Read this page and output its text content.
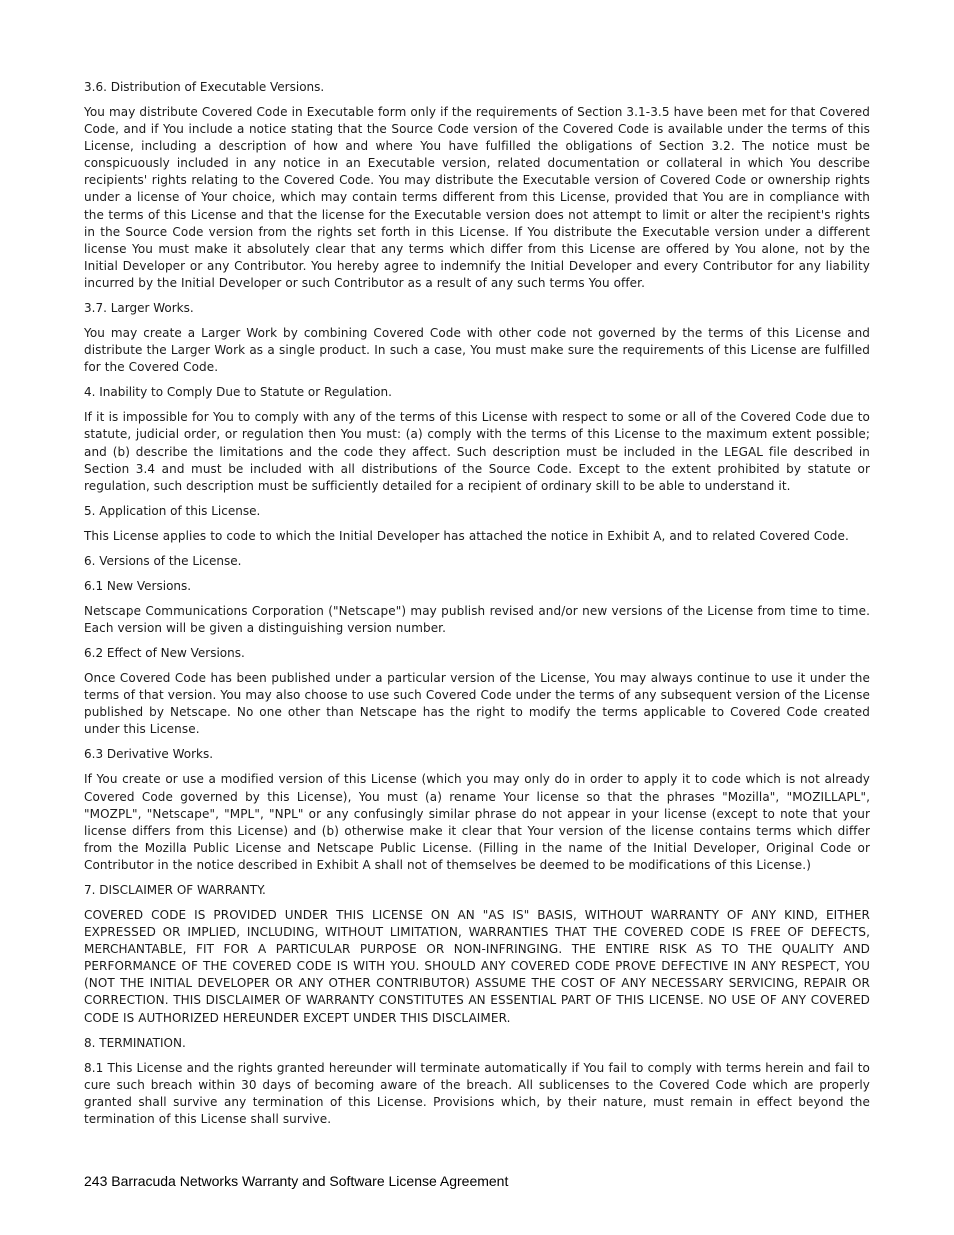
3.6. Distribution of Executable Versions.

You may distribute Covered Code in Executable form only if the requirements of Section 3.1-3.5 have been met for that Covered Code, and if You include a notice stating that the Source Code version of the Covered Code is available under the terms of this License, including a description of how and where You have fulfilled the obligations of Section 3.2. The notice must be conspicuously included in any notice in an Executable version, related documentation or collateral in which You describe recipients' rights relating to the Covered Code. You may distribute the Executable version of Covered Code or ownership rights under a license of Your choice, which may contain terms different from this License, provided that You are in compliance with the terms of this License and that the license for the Executable version does not attempt to limit or alter the recipient's rights in the Source Code version from the rights set forth in this License. If You distribute the Executable version under a different license You must make it absolutely clear that any terms which differ from this License are offered by You alone, not by the Initial Developer or any Contributor. You hereby agree to indemnify the Initial Developer and every Contributor for any liability incurred by the Initial Developer or such Contributor as a result of any such terms You offer.

3.7. Larger Works.

You may create a Larger Work by combining Covered Code with other code not governed by the terms of this License and distribute the Larger Work as a single product. In such a case, You must make sure the requirements of this License are fulfilled for the Covered Code.

4. Inability to Comply Due to Statute or Regulation.

If it is impossible for You to comply with any of the terms of this License with respect to some or all of the Covered Code due to statute, judicial order, or regulation then You must: (a) comply with the terms of this License to the maximum extent possible; and (b) describe the limitations and the code they affect. Such description must be included in the LEGAL file described in Section 3.4 and must be included with all distributions of the Source Code. Except to the extent prohibited by statute or regulation, such description must be sufficiently detailed for a recipient of ordinary skill to be able to understand it.

5. Application of this License.

This License applies to code to which the Initial Developer has attached the notice in Exhibit A, and to related Covered Code.

6. Versions of the License.

6.1 New Versions.

Netscape Communications Corporation ("Netscape") may publish revised and/or new versions of the License from time to time. Each version will be given a distinguishing version number.

6.2 Effect of New Versions.

Once Covered Code has been published under a particular version of the License, You may always continue to use it under the terms of that version. You may also choose to use such Covered Code under the terms of any subsequent version of the License published by Netscape. No one other than Netscape has the right to modify the terms applicable to Covered Code created under this License.

6.3 Derivative Works.

If You create or use a modified version of this License (which you may only do in order to apply it to code which is not already Covered Code governed by this License), You must (a) rename Your license so that the phrases "Mozilla", "MOZILLAPL", "MOZPL", "Netscape", "MPL", "NPL" or any confusingly similar phrase do not appear in your license (except to note that your license differs from this License) and (b) otherwise make it clear that Your version of the license contains terms which differ from the Mozilla Public License and Netscape Public License. (Filling in the name of the Initial Developer, Original Code or Contributor in the notice described in Exhibit A shall not of themselves be deemed to be modifications of this License.)

7. DISCLAIMER OF WARRANTY.

COVERED CODE IS PROVIDED UNDER THIS LICENSE ON AN "AS IS" BASIS, WITHOUT WARRANTY OF ANY KIND, EITHER EXPRESSED OR IMPLIED, INCLUDING, WITHOUT LIMITATION, WARRANTIES THAT THE COVERED CODE IS FREE OF DEFECTS, MERCHANTABLE, FIT FOR A PARTICULAR PURPOSE OR NON-INFRINGING. THE ENTIRE RISK AS TO THE QUALITY AND PERFORMANCE OF THE COVERED CODE IS WITH YOU. SHOULD ANY COVERED CODE PROVE DEFECTIVE IN ANY RESPECT, YOU (NOT THE INITIAL DEVELOPER OR ANY OTHER CONTRIBUTOR) ASSUME THE COST OF ANY NECESSARY SERVICING, REPAIR OR CORRECTION. THIS DISCLAIMER OF WARRANTY CONSTITUTES AN ESSENTIAL PART OF THIS LICENSE. NO USE OF ANY COVERED CODE IS AUTHORIZED HEREUNDER EXCEPT UNDER THIS DISCLAIMER.

8. TERMINATION.

8.1 This License and the rights granted hereunder will terminate automatically if You fail to comply with terms herein and fail to cure such breach within 30 days of becoming aware of the breach. All sublicenses to the Covered Code which are properly granted shall survive any termination of this License. Provisions which, by their nature, must remain in effect beyond the termination of this License shall survive.

243 Barracuda Networks Warranty and Software License Agreement
